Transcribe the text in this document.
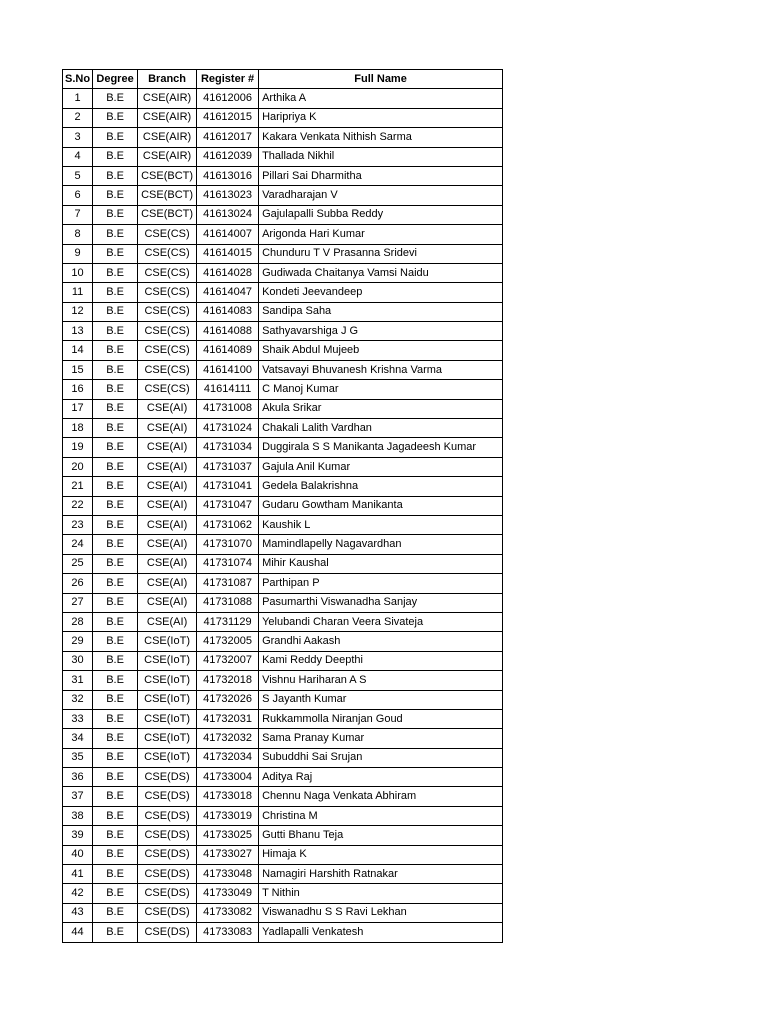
S.No	Degree	Branch	Register #	Full Name
1	B.E	CSE(AIR)	41612006	Arthika A
2	B.E	CSE(AIR)	41612015	Haripriya K
3	B.E	CSE(AIR)	41612017	Kakara Venkata Nithish Sarma
4	B.E	CSE(AIR)	41612039	Thallada Nikhil
5	B.E	CSE(BCT)	41613016	Pillari Sai Dharmitha
6	B.E	CSE(BCT)	41613023	Varadharajan V
7	B.E	CSE(BCT)	41613024	Gajulapalli Subba Reddy
8	B.E	CSE(CS)	41614007	Arigonda Hari Kumar
9	B.E	CSE(CS)	41614015	Chunduru T V Prasanna Sridevi
10	B.E	CSE(CS)	41614028	Gudiwada Chaitanya Vamsi Naidu
11	B.E	CSE(CS)	41614047	Kondeti Jeevandeep
12	B.E	CSE(CS)	41614083	Sandipa Saha
13	B.E	CSE(CS)	41614088	Sathyavarshiga J G
14	B.E	CSE(CS)	41614089	Shaik Abdul Mujeeb
15	B.E	CSE(CS)	41614100	Vatsavayi Bhuvanesh Krishna Varma
16	B.E	CSE(CS)	41614111	C Manoj Kumar
17	B.E	CSE(AI)	41731008	Akula Srikar
18	B.E	CSE(AI)	41731024	Chakali Lalith Vardhan
19	B.E	CSE(AI)	41731034	Duggirala S S Manikanta Jagadeesh Kumar
20	B.E	CSE(AI)	41731037	Gajula Anil Kumar
21	B.E	CSE(AI)	41731041	Gedela Balakrishna
22	B.E	CSE(AI)	41731047	Gudaru Gowtham Manikanta
23	B.E	CSE(AI)	41731062	Kaushik L
24	B.E	CSE(AI)	41731070	Mamindlapelly Nagavardhan
25	B.E	CSE(AI)	41731074	Mihir Kaushal
26	B.E	CSE(AI)	41731087	Parthipan P
27	B.E	CSE(AI)	41731088	Pasumarthi Viswanadha Sanjay
28	B.E	CSE(AI)	41731129	Yelubandi Charan Veera Sivateja
29	B.E	CSE(IoT)	41732005	Grandhi Aakash
30	B.E	CSE(IoT)	41732007	Kami Reddy Deepthi
31	B.E	CSE(IoT)	41732018	Vishnu Hariharan A S
32	B.E	CSE(IoT)	41732026	S Jayanth Kumar
33	B.E	CSE(IoT)	41732031	Rukkammolla Niranjan Goud
34	B.E	CSE(IoT)	41732032	Sama Pranay Kumar
35	B.E	CSE(IoT)	41732034	Subuddhi Sai Srujan
36	B.E	CSE(DS)	41733004	Aditya Raj
37	B.E	CSE(DS)	41733018	Chennu Naga Venkata Abhiram
38	B.E	CSE(DS)	41733019	Christina M
39	B.E	CSE(DS)	41733025	Gutti Bhanu Teja
40	B.E	CSE(DS)	41733027	Himaja K
41	B.E	CSE(DS)	41733048	Namagiri Harshith Ratnakar
42	B.E	CSE(DS)	41733049	T Nithin
43	B.E	CSE(DS)	41733082	Viswanadhu S S Ravi Lekhan
44	B.E	CSE(DS)	41733083	Yadlapalli Venkatesh
